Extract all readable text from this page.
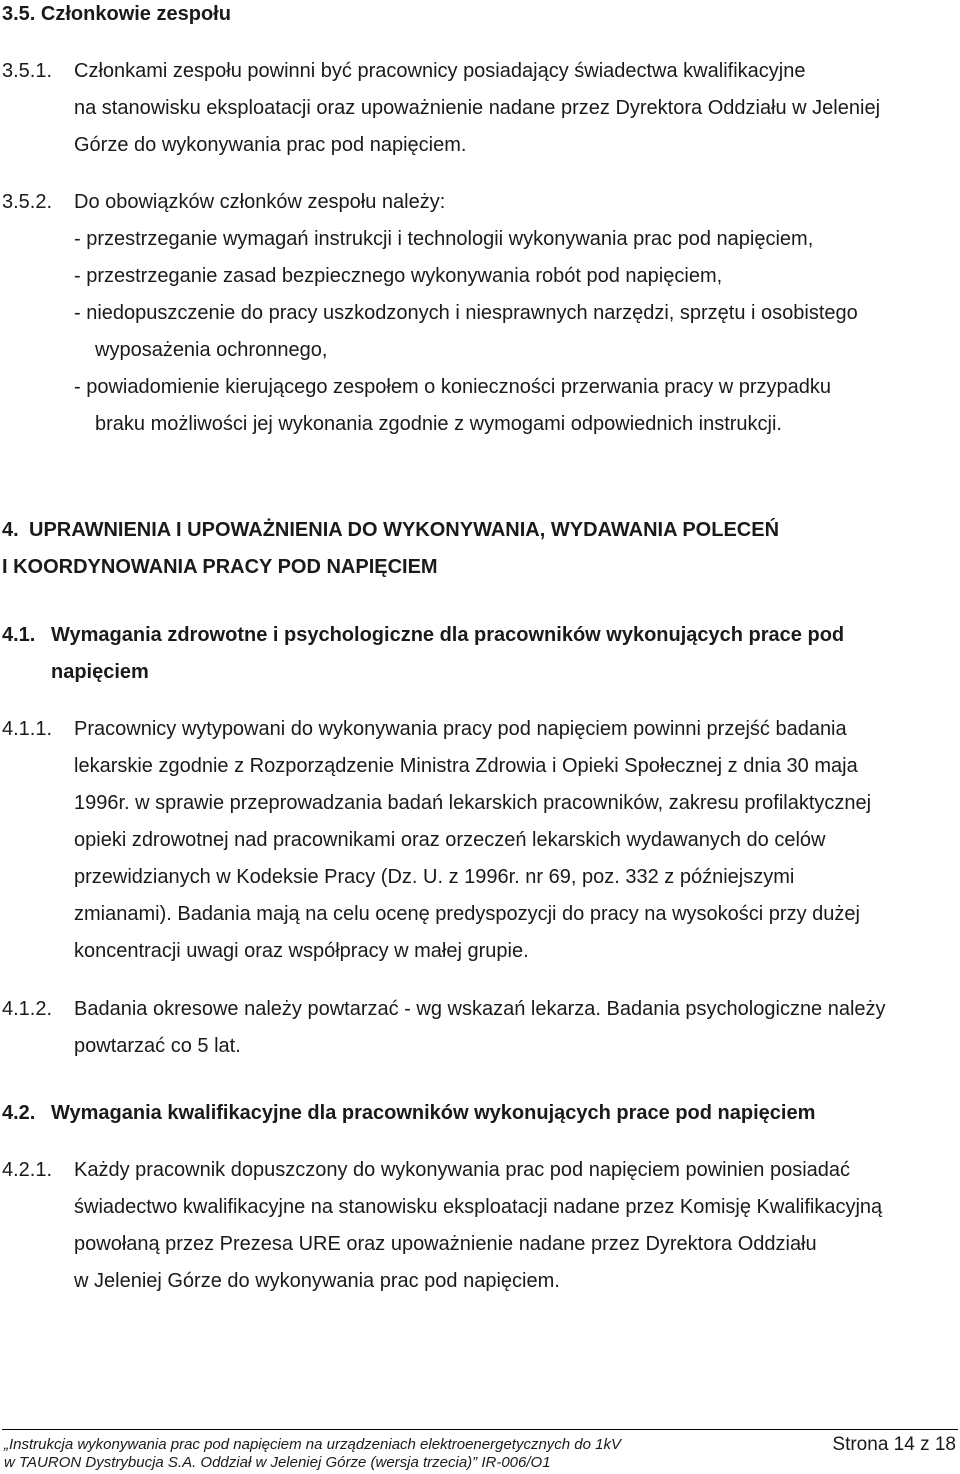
3.5. Członkowie zespołu
3.5.1. Członkami zespołu powinni być pracownicy posiadający świadectwa kwalifikacyjne
na stanowisku eksploatacji oraz upoważnienie nadane przez Dyrektora Oddziału w Jeleniej
Górze do wykonywania prac pod napięciem.
3.5.2. Do obowiązków członków zespołu należy:
- przestrzeganie wymagań instrukcji i technologii wykonywania prac pod napięciem,
- przestrzeganie zasad bezpiecznego wykonywania robót pod napięciem,
- niedopuszczenie do pracy uszkodzonych i niesprawnych narzędzi, sprzętu i osobistego
wyposażenia ochronnego,
- powiadomienie kierującego zespołem o konieczności przerwania pracy w przypadku
braku możliwości jej wykonania zgodnie z wymogami odpowiednich instrukcji.
4. UPRAWNIENIA I UPOWAŻNIENIA DO WYKONYWANIA, WYDAWANIA POLECEŃ
I KOORDYNOWANIA PRACY POD NAPIĘCIEM
4.1. Wymagania zdrowotne i psychologiczne dla pracowników wykonujących prace pod
napięciem
4.1.1. Pracownicy wytypowani do wykonywania pracy pod napięciem powinni przejść badania
lekarskie zgodnie z Rozporządzenie Ministra Zdrowia i Opieki Społecznej z dnia 30 maja
1996r. w sprawie przeprowadzania badań lekarskich pracowników, zakresu profilaktycznej
opieki zdrowotnej nad pracownikami oraz orzeczeń lekarskich wydawanych do celów
przewidzianych w Kodeksie Pracy (Dz. U. z 1996r. nr 69, poz. 332 z późniejszymi
zmianami). Badania mają na celu ocenę predyspozycji do pracy na wysokości przy dużej
koncentracji uwagi oraz współpracy w małej grupie.
4.1.2. Badania okresowe należy powtarzać - wg wskazań lekarza. Badania psychologiczne należy
powtarzać co 5 lat.
4.2. Wymagania kwalifikacyjne dla pracowników wykonujących prace pod napięciem
4.2.1. Każdy pracownik dopuszczony do wykonywania prac pod napięciem powinien posiadać
świadectwo kwalifikacyjne na stanowisku eksploatacji nadane przez Komisję Kwalifikacyjną
powołaną przez Prezesa URE oraz upoważnienie nadane przez Dyrektora Oddziału
w Jeleniej Górze do wykonywania prac pod napięciem.
„Instrukcja wykonywania prac pod napięciem na urządzeniach elektroenergetycznych do 1kV
w TAURON Dystrybucja S.A. Oddział w Jeleniej Górze (wersja trzecia)” IR-006/O1
Strona 14 z 18
